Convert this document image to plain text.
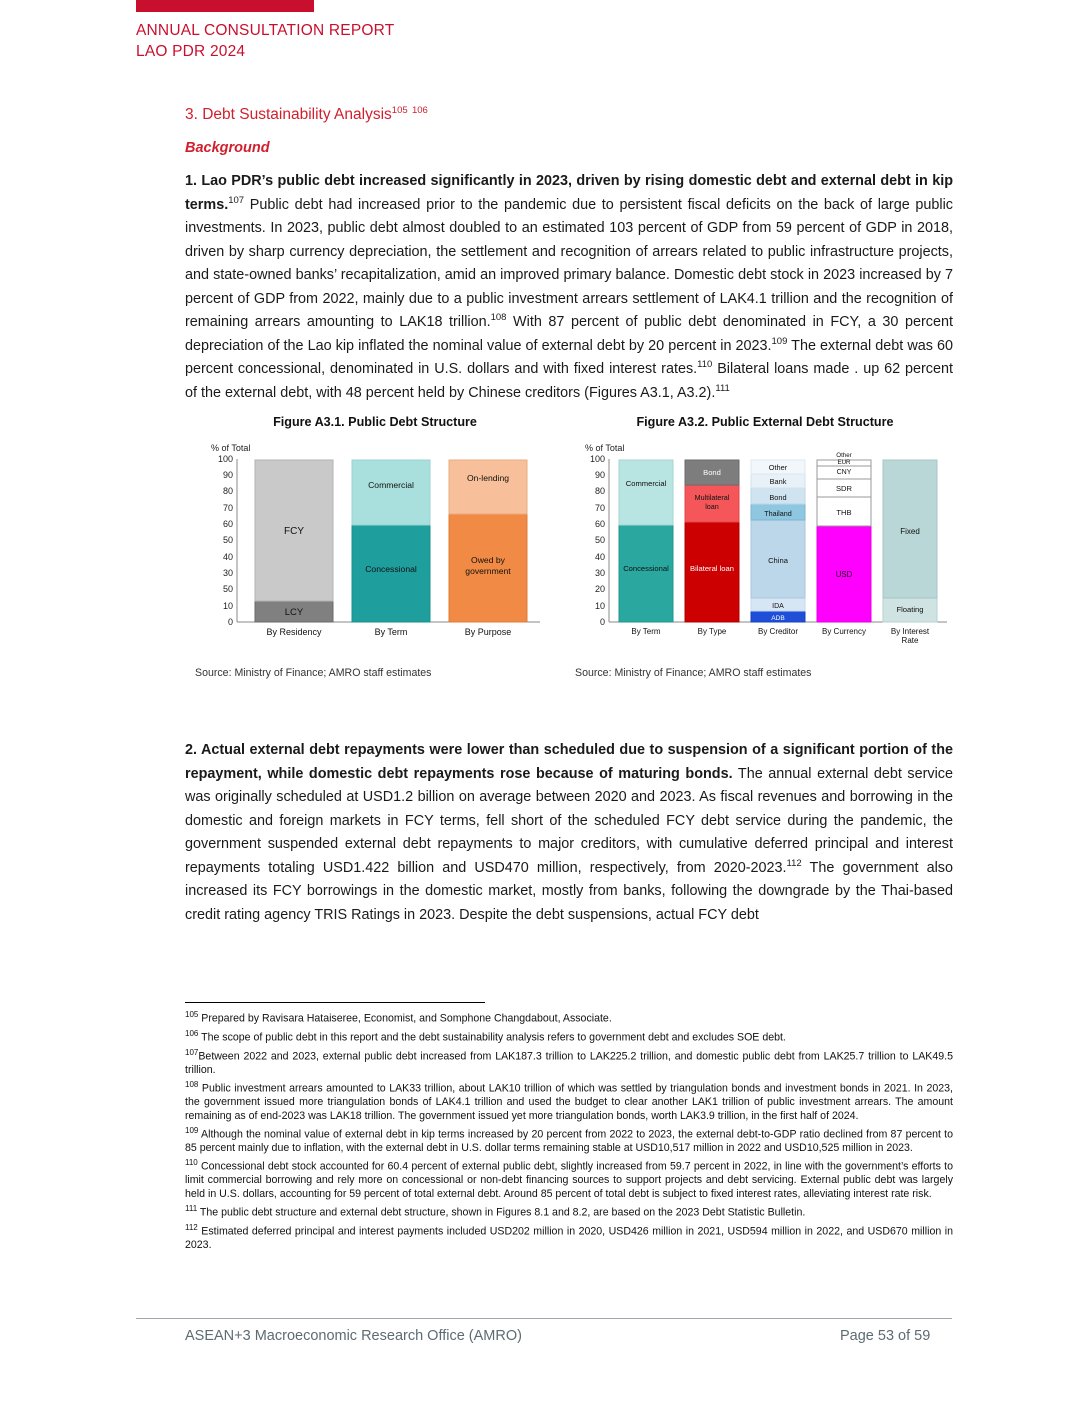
ANNUAL CONSULTATION REPORT
LAO PDR 2024
3. Debt Sustainability Analysis$^{105}$ $^{106}$
Background

1. Lao PDR’s public debt increased significantly in 2023, driven by rising domestic debt and external debt in kip terms.$^{107}$ Public debt had increased prior to the pandemic due to persistent fiscal deficits on the back of large public investments. In 2023, public debt almost doubled to an estimated 103 percent of GDP from 59 percent of GDP in 2018, driven by sharp currency depreciation, the settlement and recognition of arrears related to public infrastructure projects, and state-owned banks’ recapitalization, amid an improved primary balance. Domestic debt stock in 2023 increased by 7 percent of GDP from 2022, mainly due to a public investment arrears settlement of LAK4.1 trillion and the recognition of remaining arrears amounting to LAK18 trillion.$^{108}$ With 87 percent of public debt denominated in FCY, a 30 percent depreciation of the Lao kip inflated the nominal value of external debt by 20 percent in 2023.$^{109}$ The external debt was 60 percent concessional, denominated in U.S. dollars and with fixed interest rates.$^{110}$ Bilateral loans made . up 62 percent of the external debt, with 48 percent held by Chinese creditors (Figures A3.1, A3.2).$^{111}$

Figure A3.1. Public Debt Structure
% of Total
100
90
80
70
60
50
40
30
50
10
0
LCY
FCY
Concessional
Commercial
Owed by
government
On-lending
By Residency	By Term	By Purpose
Source: Ministry of Finance; AMRO staff estimates
Figure A3.2. Public External Debt Structure
% of Total
100
90
80
70
60
50
40
30
20
10
0
Concessional
Commercial
Bilateral loan
Multilateral
loan
Bond
ADB
IDA
China
Thailand
Bond
Bank
Other
USD
THB
SDR
CNY
EUR
Other
Floating
Fixed
By Term	By Type	By Creditor	By Currency	By Interest
Rate
Source: Ministry of Finance; AMRO staff estimates

2. Actual external debt repayments were lower than scheduled due to suspension of a significant portion of the repayment, while domestic debt repayments rose because of maturing bonds. The annual external debt service was originally scheduled at USD1.2 billion on average between 2020 and 2023. As fiscal revenues and borrowing in the domestic and foreign markets in FCY terms, fell short of the scheduled FCY debt service during the pandemic, the government suspended external debt repayments to major creditors, with cumulative deferred principal and interest repayments totaling USD1.422 billion and USD470 million, respectively, from 2020-2023.$^{112}$ The government also increased its FCY borrowings in the domestic market, mostly from banks, following the downgrade by the Thai-based credit rating agency TRIS Ratings in 2023. Despite the debt suspensions, actual FCY debt

$^{105}$ Prepared by Ravisara Hataiseree, Economist, and Somphone Changdabout, Associate.

$^{106}$ The scope of public debt in this report and the debt sustainability analysis refers to government debt and excludes SOE debt.

$^{107}$Between 2022 and 2023, external public debt increased from LAK187.3 trillion to LAK225.2 trillion, and domestic public debt from LAK25.7 trillion to LAK49.5 trillion.

$^{108}$ Public investment arrears amounted to LAK33 trillion, about LAK10 trillion of which was settled by triangulation bonds and investment bonds in 2021. In 2023, the government issued more triangulation bonds of LAK4.1 trillion and used the budget to clear another LAK1 trillion of public investment arrears. The amount remaining as of end-2023 was LAK18 trillion. The government issued yet more triangulation bonds, worth LAK3.9 trillion, in the first half of 2024.

$^{109}$ Although the nominal value of external debt in kip terms increased by 20 percent from 2022 to 2023, the external debt-to-GDP ratio declined from 87 percent to 85 percent mainly due to inflation, with the external debt in U.S. dollar terms remaining stable at USD10,517 million in 2022 and USD10,525 million in 2023.

$^{110}$ Concessional debt stock accounted for 60.4 percent of external public debt, slightly increased from 59.7 percent in 2022, in line with the government’s efforts to limit commercial borrowing and rely more on concessional or non-debt financing sources to support projects and debt servicing. External public debt was largely held in U.S. dollars, accounting for 59 percent of total external debt. Around 85 percent of total debt is subject to fixed interest rates, alleviating interest rate risk.

$^{111}$ The public debt structure and external debt structure, shown in Figures 8.1 and 8.2, are based on the 2023 Debt Statistic Bulletin.

$^{112}$ Estimated deferred principal and interest payments included USD202 million in 2020, USD426 million in 2021, USD594 million in 2022, and USD670 million in 2023.

ASEAN+3 Macroeconomic Research Office (AMRO)	Page 53 of 59
